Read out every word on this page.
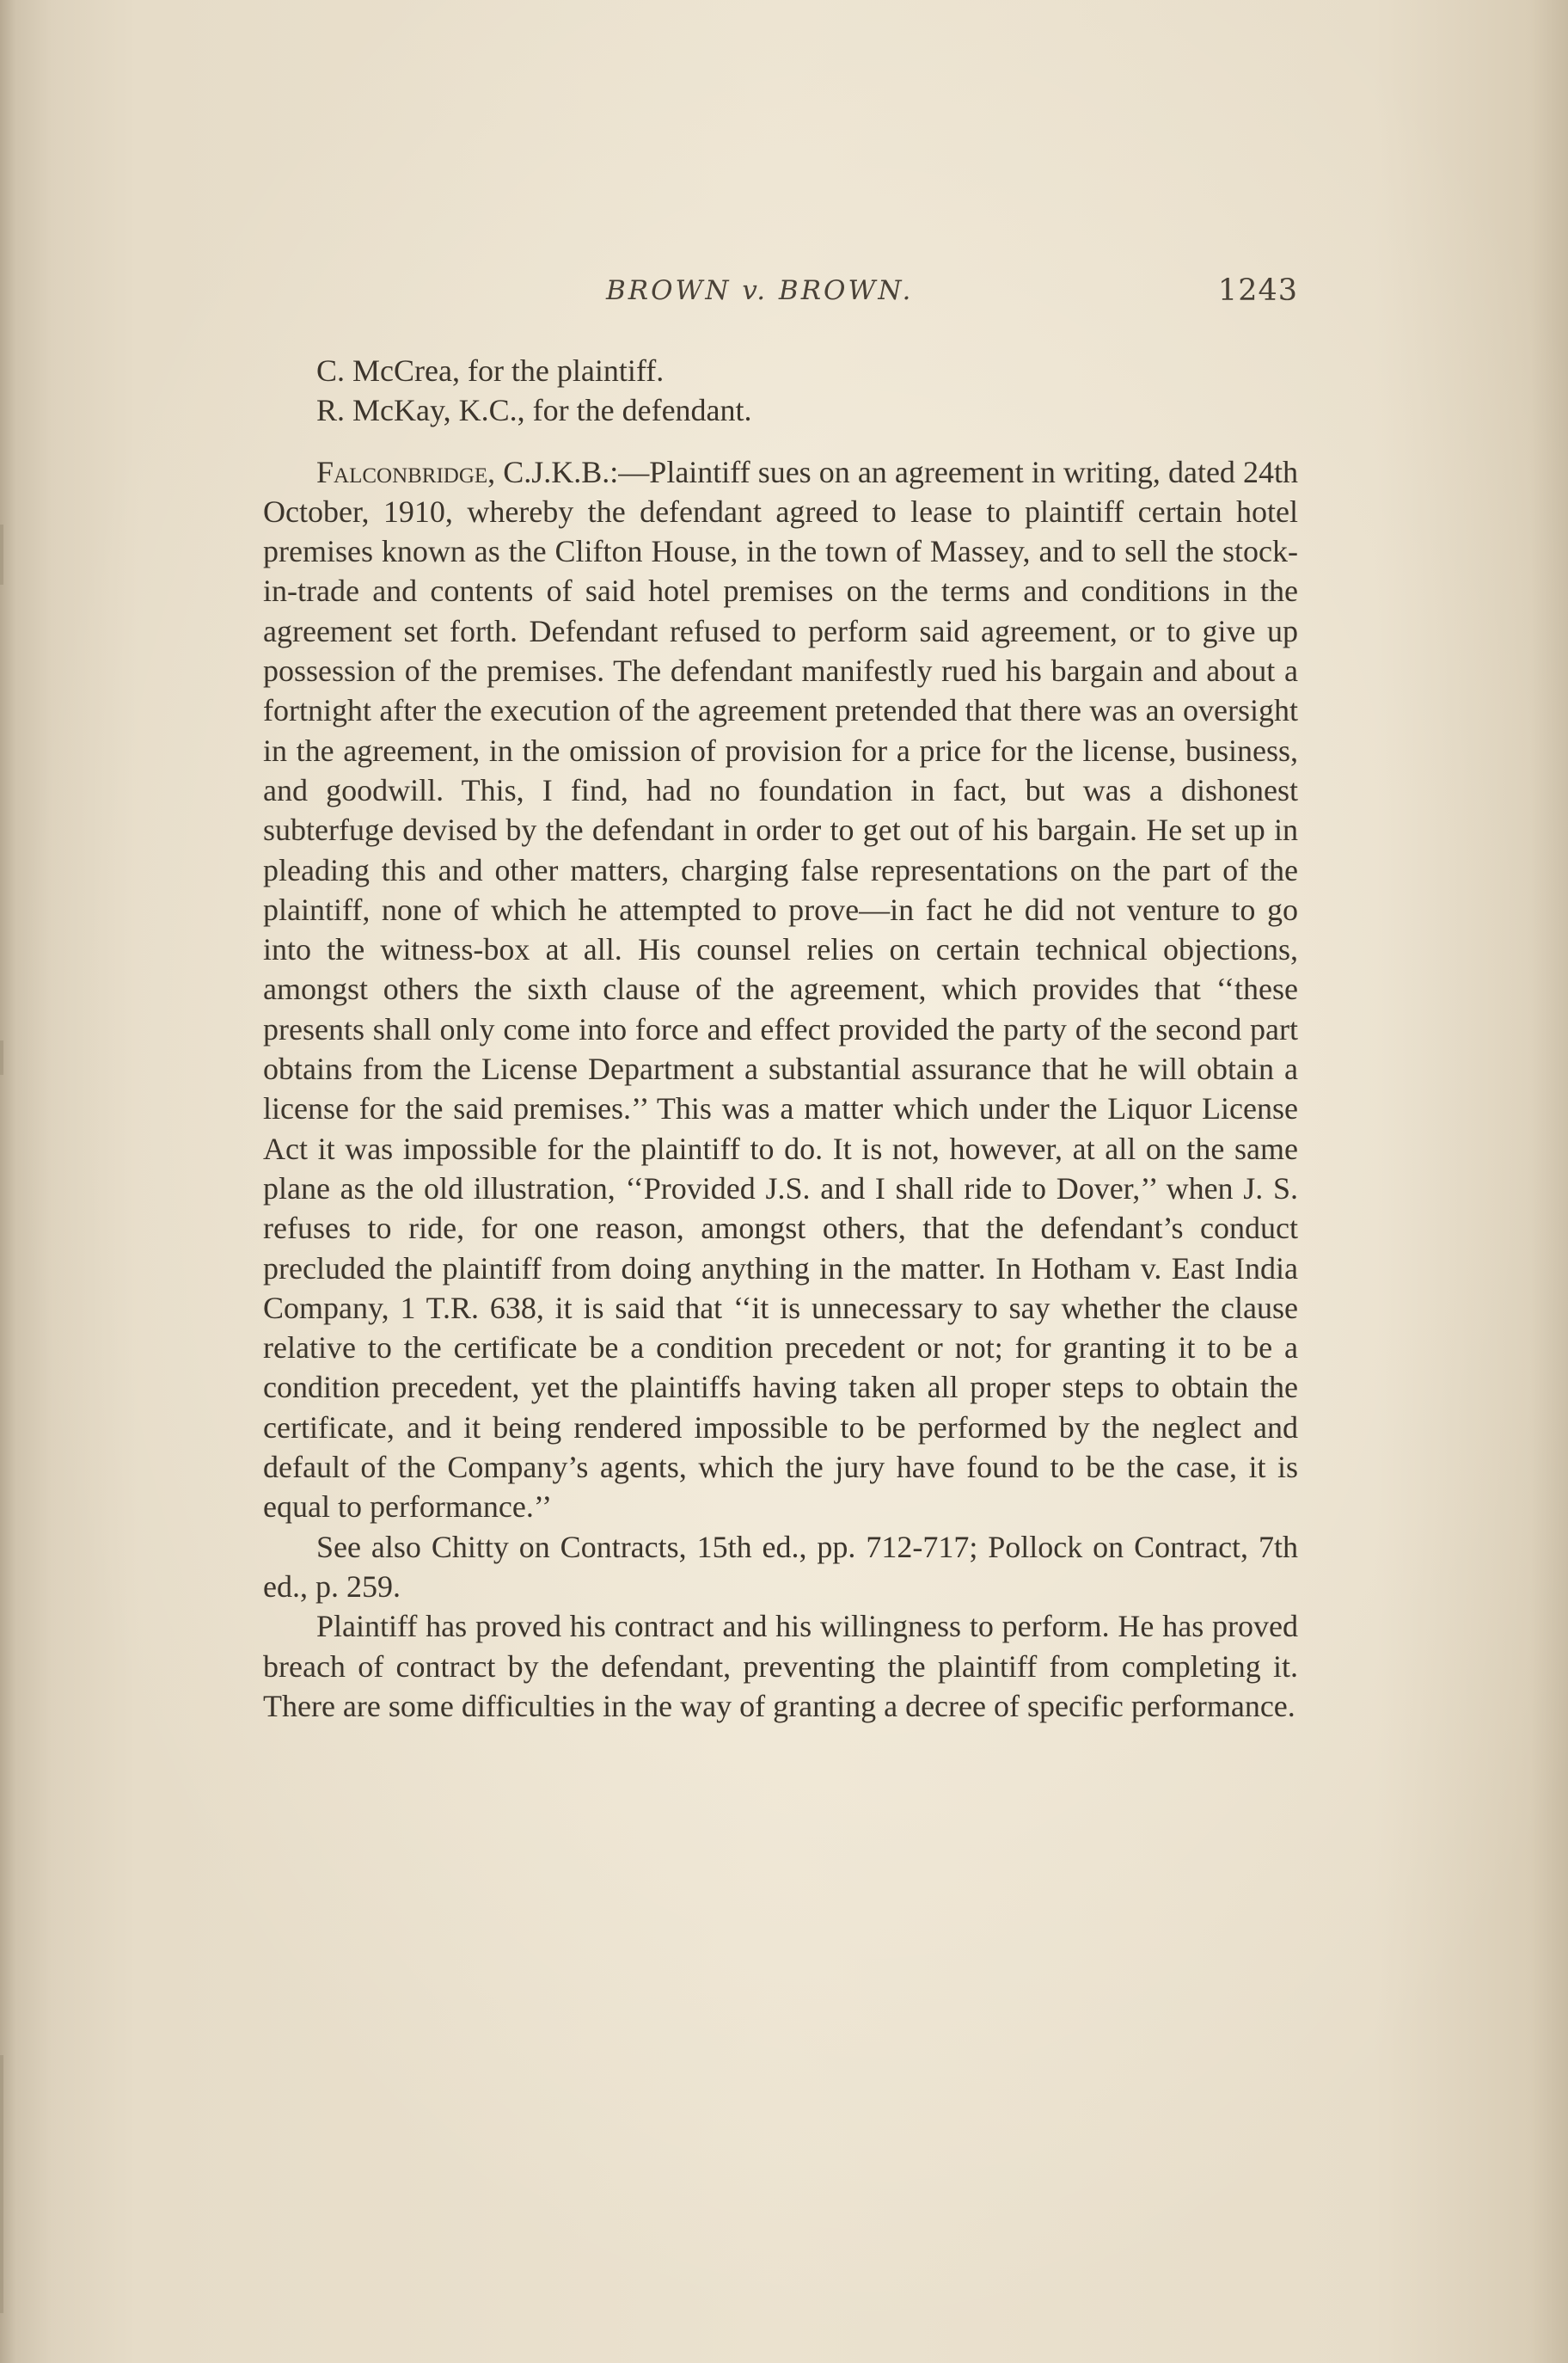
BROWN v. BROWN.	1243

C. McCrea, for the plaintiff.

R. McKay, K.C., for the defendant.

Falconbridge, C.J.K.B.:—Plaintiff sues on an agreement in writing, dated 24th October, 1910, whereby the defendant agreed to lease to plaintiff certain hotel premises known as the Clifton House, in the town of Massey, and to sell the stock-in-trade and contents of said hotel premises on the terms and conditions in the agreement set forth. Defendant refused to perform said agreement, or to give up possession of the premises. The defendant manifestly rued his bargain and about a fortnight after the execution of the agreement pretended that there was an oversight in the agreement, in the omission of provision for a price for the license, business, and goodwill. This, I find, had no foundation in fact, but was a dishonest subterfuge devised by the defendant in order to get out of his bargain. He set up in pleading this and other matters, charging false representations on the part of the plaintiff, none of which he attempted to prove—in fact he did not venture to go into the witness-box at all. His counsel relies on certain technical objections, amongst others the sixth clause of the agreement, which provides that ‘‘these presents shall only come into force and effect provided the party of the second part obtains from the License Department a substantial assurance that he will obtain a license for the said premises.’’ This was a matter which under the Liquor License Act it was impossible for the plaintiff to do. It is not, however, at all on the same plane as the old illustration, ‘‘Provided J.S. and I shall ride to Dover,’’ when J. S. refuses to ride, for one reason, amongst others, that the defendant’s conduct precluded the plaintiff from doing anything in the matter. In Hotham v. East India Company, 1 T.R. 638, it is said that ‘‘it is unnecessary to say whether the clause relative to the certificate be a condition precedent or not; for granting it to be a condition precedent, yet the plaintiffs having taken all proper steps to obtain the certificate, and it being rendered impossible to be performed by the neglect and default of the Company’s agents, which the jury have found to be the case, it is equal to performance.’’

See also Chitty on Contracts, 15th ed., pp. 712-717; Pollock on Contract, 7th ed., p. 259.

Plaintiff has proved his contract and his willingness to perform. He has proved breach of contract by the defendant, preventing the plaintiff from completing it. There are some difficulties in the way of granting a decree of specific performance.
